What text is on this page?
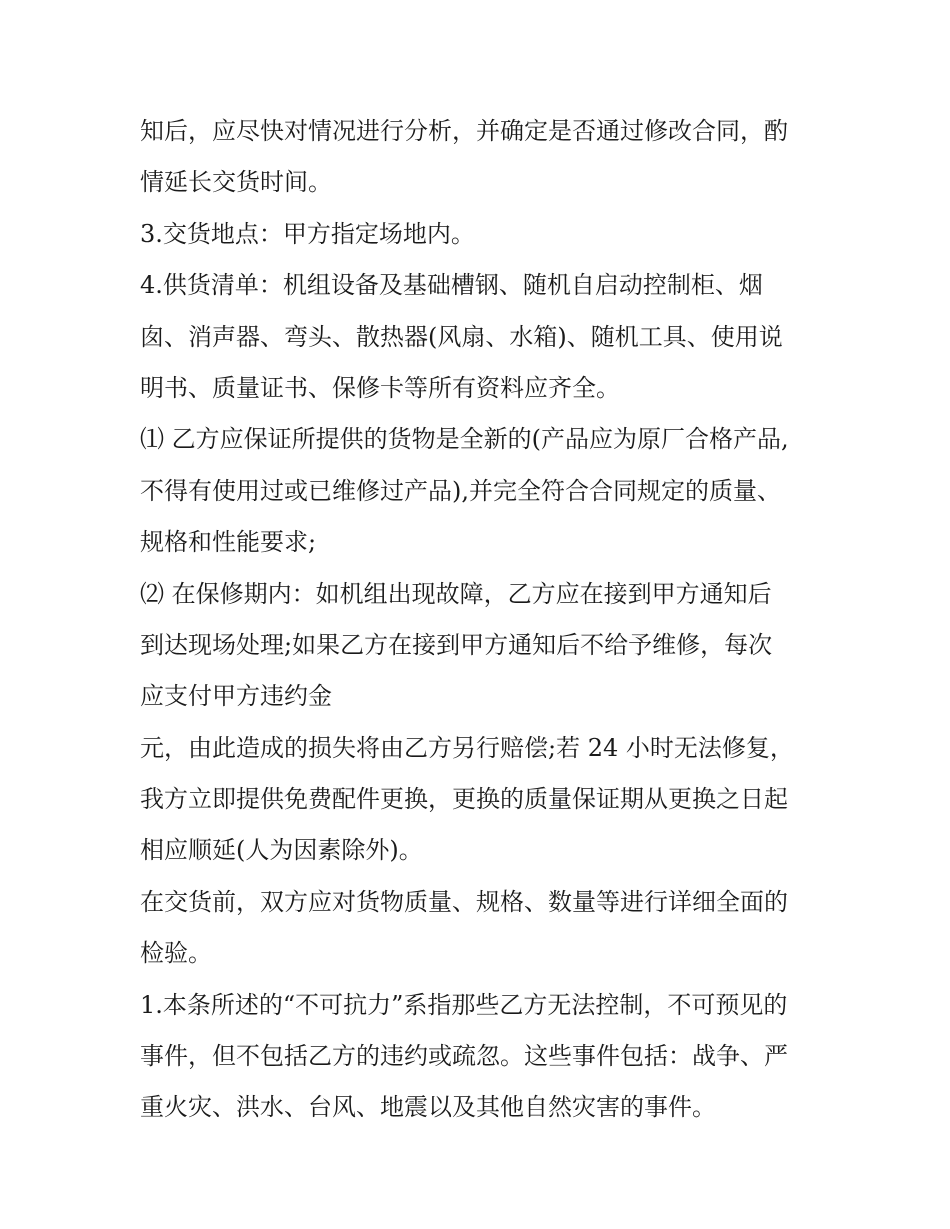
知后，应尽快对情况进行分析，并确定是否通过修改合同，酌
情延长交货时间。
3.交货地点：甲方指定场地内。
4.供货清单：机组设备及基础槽钢、随机自启动控制柜、烟
囱、消声器、弯头、散热器(风扇、水箱)、随机工具、使用说
明书、质量证书、保修卡等所有资料应齐全。
⑴ 乙方应保证所提供的货物是全新的(产品应为原厂合格产品,
不得有使用过或已维修过产品),并完全符合合同规定的质量、
规格和性能要求;
⑵ 在保修期内：如机组出现故障，乙方应在接到甲方通知后
到达现场处理;如果乙方在接到甲方通知后不给予维修，每次
应支付甲方违约金
元，由此造成的损失将由乙方另行赔偿;若 24 小时无法修复，
我方立即提供免费配件更换，更换的质量保证期从更换之日起
相应顺延(人为因素除外)。
在交货前，双方应对货物质量、规格、数量等进行详细全面的
检验。
1.本条所述的“不可抗力”系指那些乙方无法控制，不可预见的
事件，但不包括乙方的违约或疏忽。这些事件包括：战争、严
重火灾、洪水、台风、地震以及其他自然灾害的事件。
